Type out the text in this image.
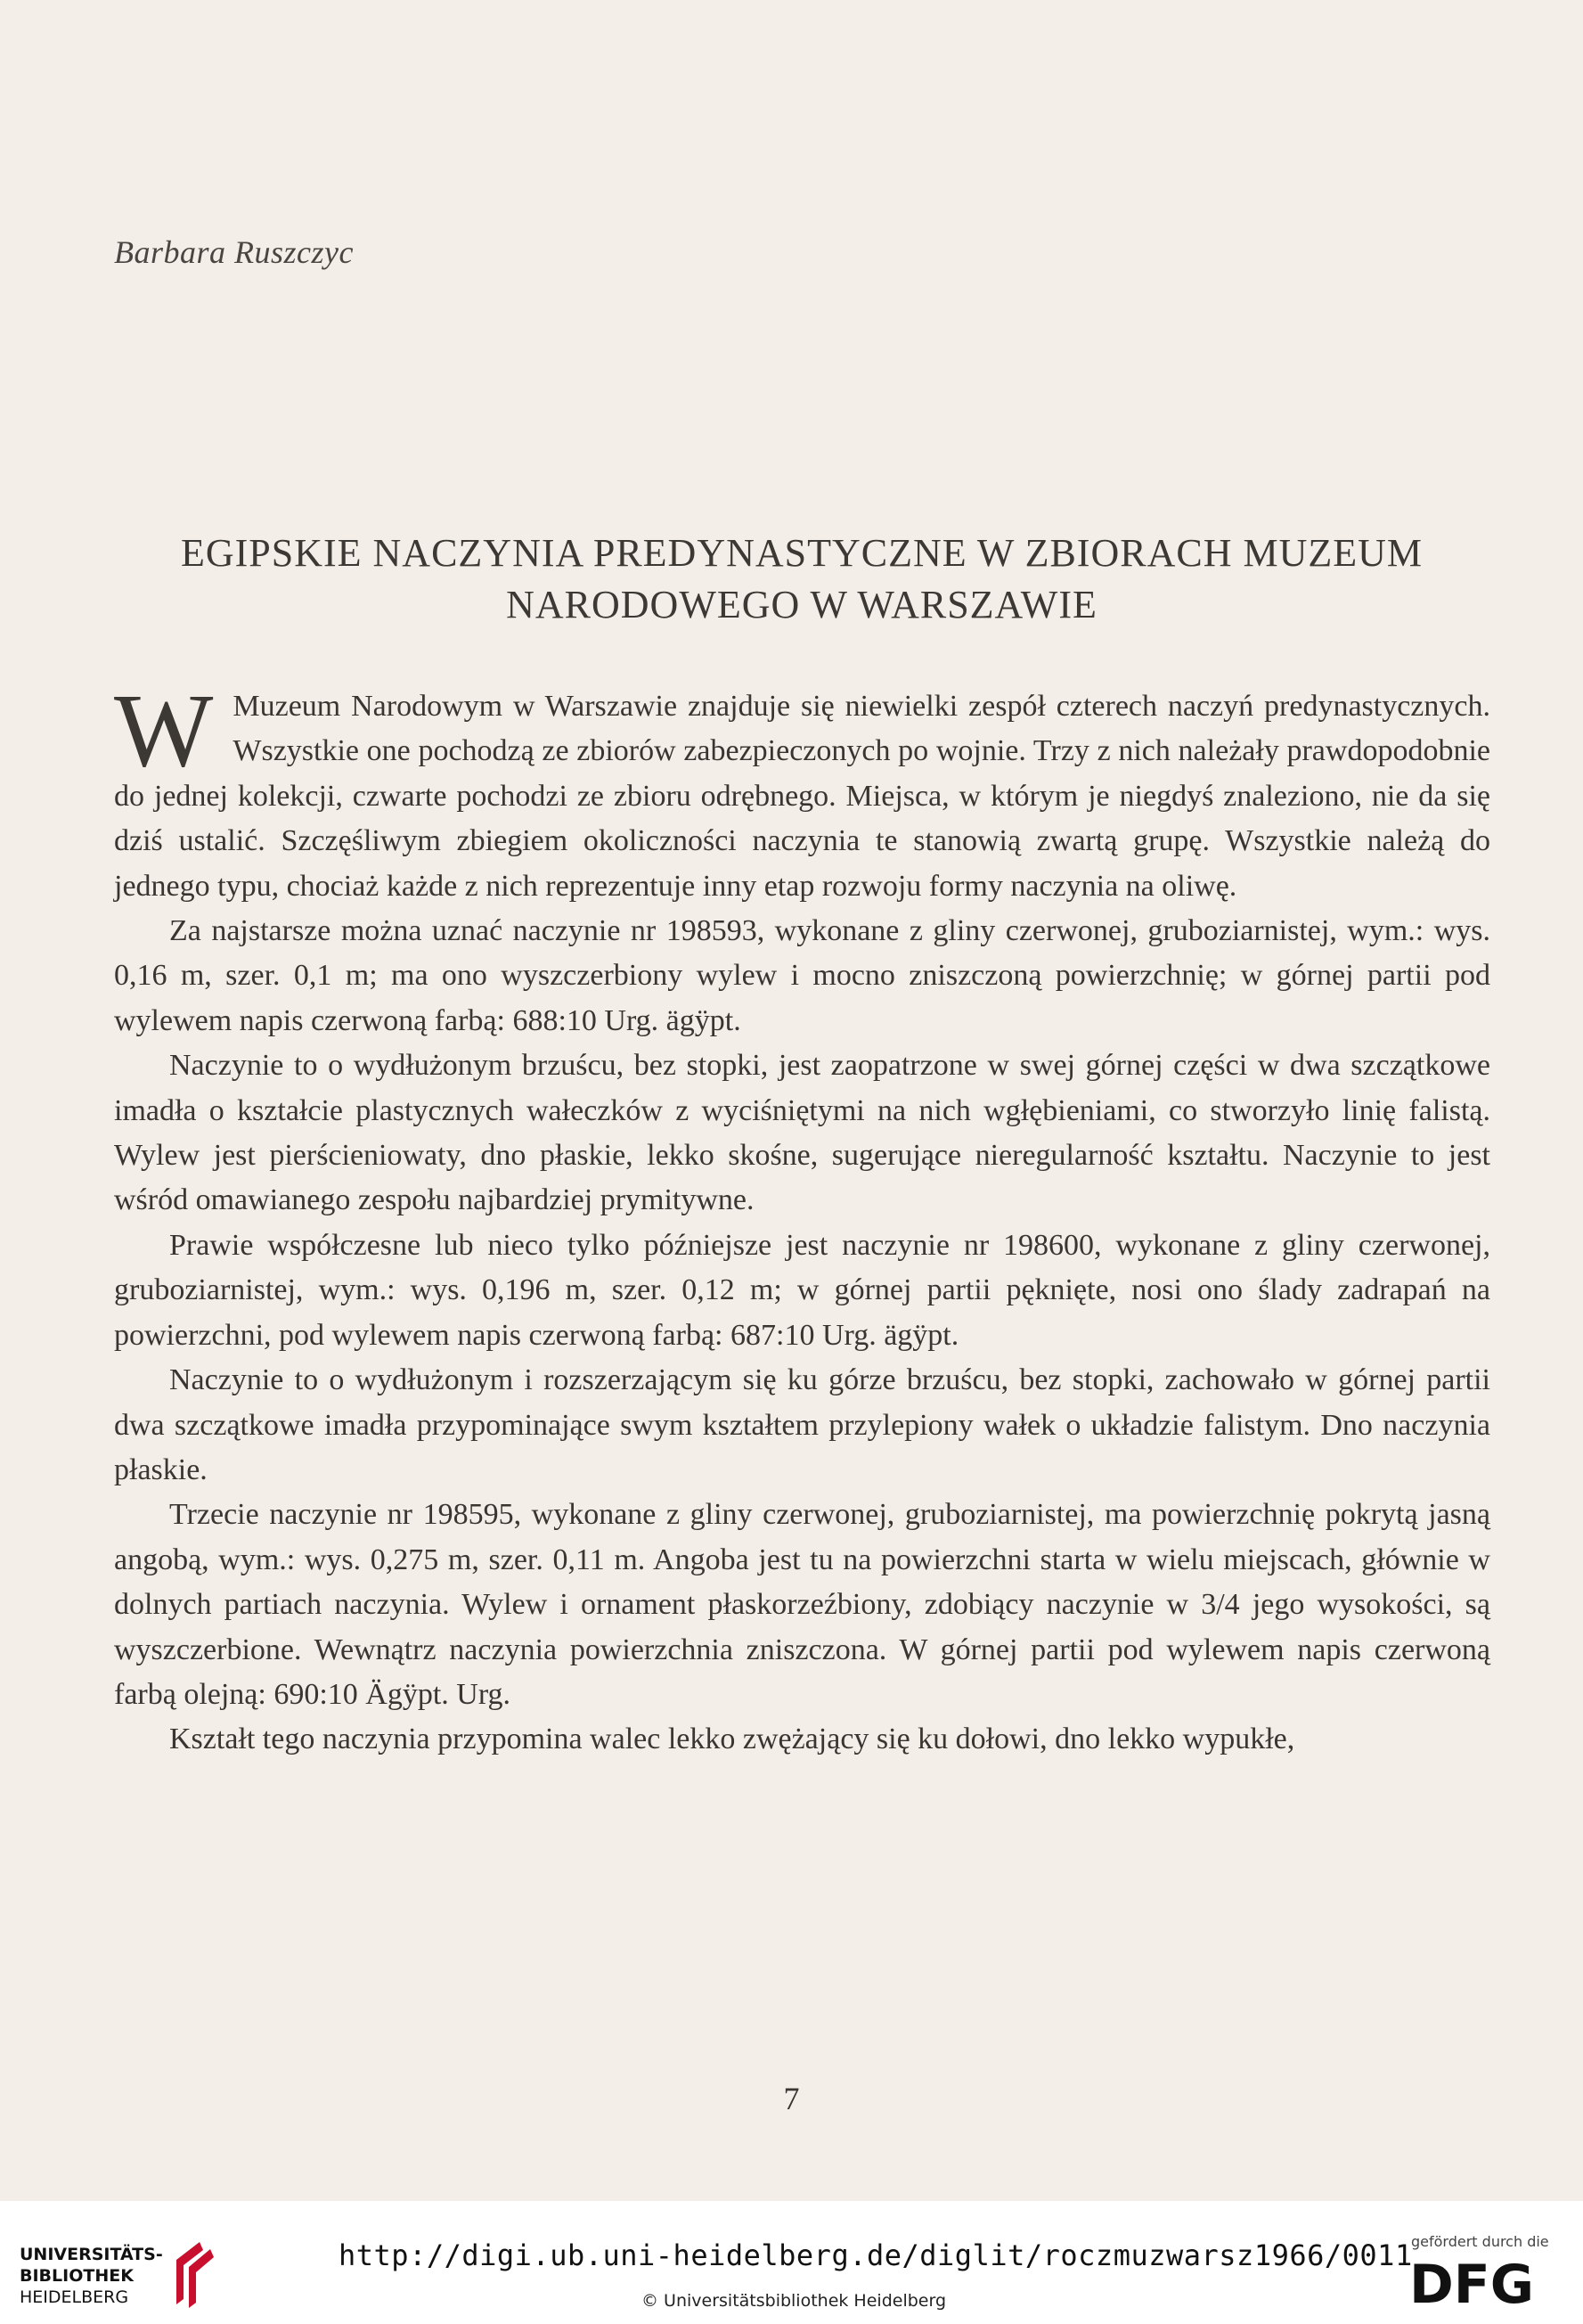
Barbara Ruszczyc
EGIPSKIE NACZYNIA PREDYNASTYCZNE W ZBIORACH MUZEUM
NARODOWEGO W WARSZAWIE

W Muzeum Narodowym w Warszawie znajduje się niewielki zespół czterech naczyń predynastycznych. Wszystkie one pochodzą ze zbiorów zabezpieczonych po wojnie. Trzy z nich należały prawdopodobnie do jednej kolekcji, czwarte pochodzi ze zbioru odrębnego. Miejsca, w którym je niegdyś znaleziono, nie da się dziś ustalić. Szczęśliwym zbiegiem okoliczności naczynia te stanowią zwartą grupę. Wszystkie należą do jednego typu, chociaż każde z nich reprezentuje inny etap rozwoju formy naczynia na oliwę.

Za najstarsze można uznać naczynie nr 198593, wykonane z gliny czerwonej, gruboziarnistej, wym.: wys. 0,16 m, szer. 0,1 m; ma ono wyszczerbiony wylew i mocno zniszczoną powierzchnię; w górnej partii pod wylewem napis czerwoną farbą: 688:10 Urg. ägÿpt.

Naczynie to o wydłużonym brzuścu, bez stopki, jest zaopatrzone w swej górnej części w dwa szczątkowe imadła o kształcie plastycznych wałeczków z wyciśniętymi na nich wgłębieniami, co stworzyło linię falistą. Wylew jest pierścieniowaty, dno płaskie, lekko skośne, sugerujące nieregularność kształtu. Naczynie to jest wśród omawianego zespołu najbardziej prymitywne.

Prawie współczesne lub nieco tylko późniejsze jest naczynie nr 198600, wykonane z gliny czerwonej, gruboziarnistej, wym.: wys. 0,196 m, szer. 0,12 m; w górnej partii pęknięte, nosi ono ślady zadrapań na powierzchni, pod wylewem napis czerwoną farbą: 687:10 Urg. ägÿpt.

Naczynie to o wydłużonym i rozszerzającym się ku górze brzuścu, bez stopki, zachowało w górnej partii dwa szczątkowe imadła przypominające swym kształtem przylepiony wałek o układzie falistym. Dno naczynia płaskie.

Trzecie naczynie nr 198595, wykonane z gliny czerwonej, gruboziarnistej, ma powierzchnię pokrytą jasną angobą, wym.: wys. 0,275 m, szer. 0,11 m. Angoba jest tu na powierzchni starta w wielu miejscach, głównie w dolnych partiach naczynia. Wylew i ornament płaskorzeźbiony, zdobiący naczynie w 3/4 jego wysokości, są wyszczerbione. Wewnątrz naczynia powierzchnia zniszczona. W górnej partii pod wylewem napis czerwoną farbą olejną: 690:10 Ägÿpt. Urg.

Kształt tego naczynia przypomina walec lekko zwężający się ku dołowi, dno lekko wypukłe,

7
UNIVERSITÄTS-
BIBLIOTHEK
HEIDELBERG
http://digi.ub.uni-heidelberg.de/diglit/roczmuzwarsz1966/0011
© Universitätsbibliothek Heidelberg
gefördert durch die
DFG
